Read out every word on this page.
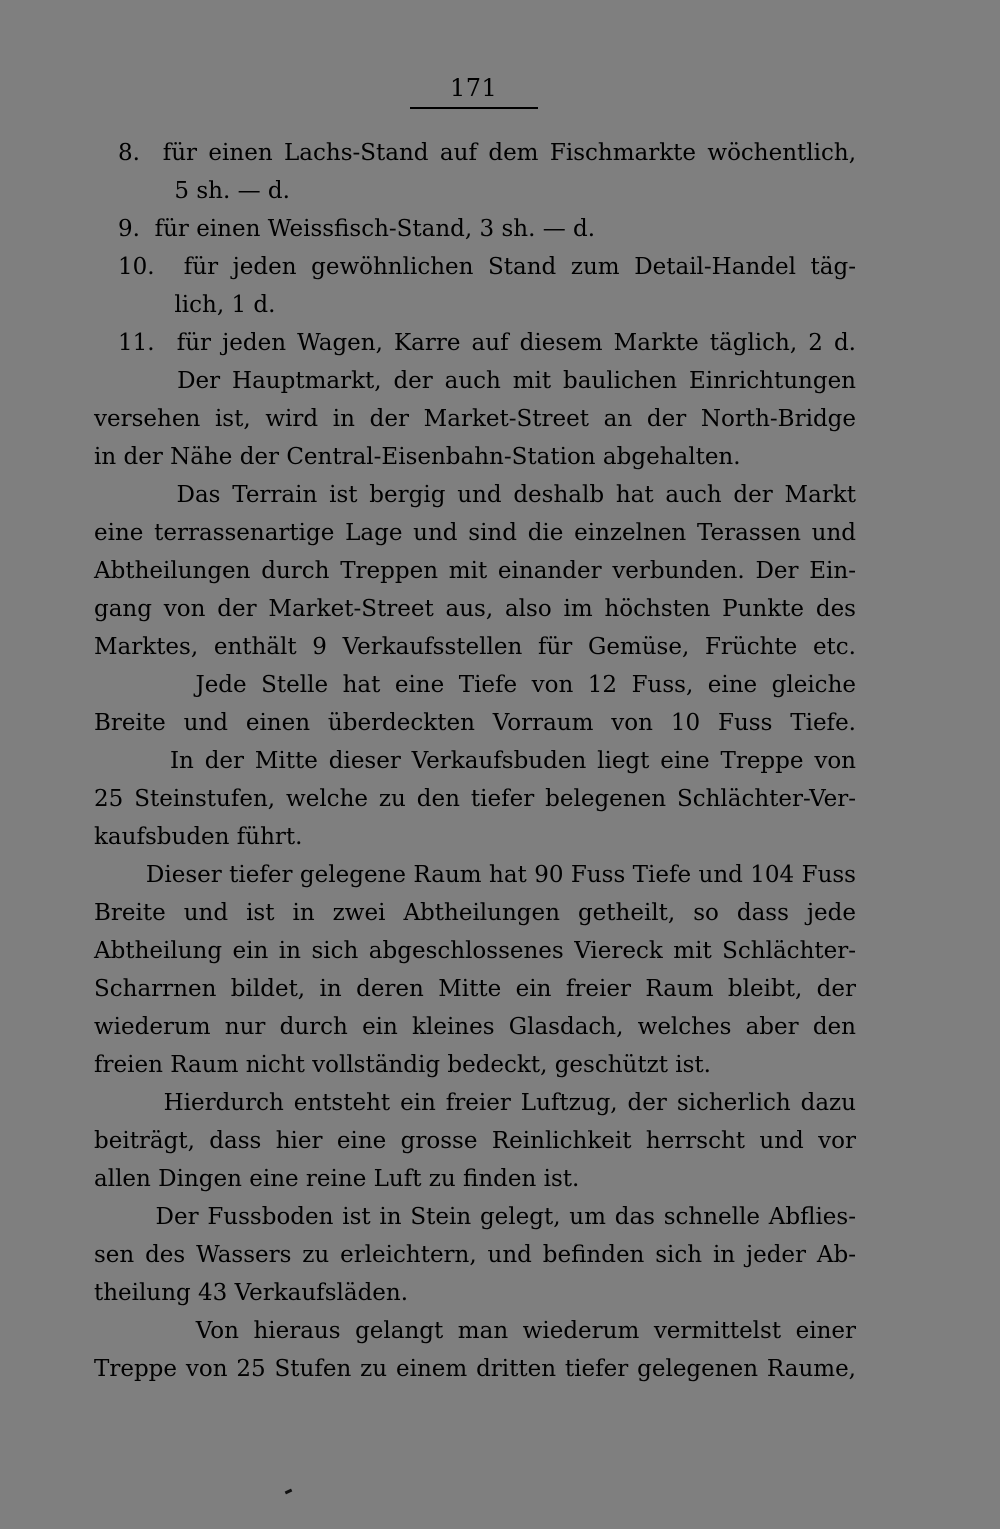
171
8.  für einen Lachs-Stand auf dem Fischmarkte wöchentlich,
5 sh. — d.
9.  für einen Weissfisch-Stand, 3 sh. — d.
10.  für jeden gewöhnlichen Stand zum Detail-Handel täg-
lich, 1 d.
11.  für jeden Wagen, Karre auf diesem Markte täglich, 2 d.
Der Hauptmarkt, der auch mit baulichen Einrichtungen
versehen ist, wird in der Market-Street an der North-Bridge
in der Nähe der Central-Eisenbahn-Station abgehalten.
Das Terrain ist bergig und deshalb hat auch der Markt
eine terrassenartige Lage und sind die einzelnen Terassen und
Abtheilungen durch Treppen mit einander verbunden. Der Ein-
gang von der Market-Street aus, also im höchsten Punkte des
Marktes, enthält 9 Verkaufsstellen für Gemüse, Früchte etc.
Jede Stelle hat eine Tiefe von 12 Fuss, eine gleiche
Breite und einen überdeckten Vorraum von 10 Fuss Tiefe.
In der Mitte dieser Verkaufsbuden liegt eine Treppe von
25 Steinstufen, welche zu den tiefer belegenen Schlächter-Ver-
kaufsbuden führt.
Dieser tiefer gelegene Raum hat 90 Fuss Tiefe und 104 Fuss
Breite und ist in zwei Abtheilungen getheilt, so dass jede
Abtheilung ein in sich abgeschlossenes Viereck mit Schlächter-
Scharrnen bildet, in deren Mitte ein freier Raum bleibt, der
wiederum nur durch ein kleines Glasdach, welches aber den
freien Raum nicht vollständig bedeckt, geschützt ist.
Hierdurch entsteht ein freier Luftzug, der sicherlich dazu
beiträgt, dass hier eine grosse Reinlichkeit herrscht und vor
allen Dingen eine reine Luft zu finden ist.
Der Fussboden ist in Stein gelegt, um das schnelle Abflies-
sen des Wassers zu erleichtern, und befinden sich in jeder Ab-
theilung 43 Verkaufsläden.
Von hieraus gelangt man wiederum vermittelst einer
Treppe von 25 Stufen zu einem dritten tiefer gelegenen Raume,
